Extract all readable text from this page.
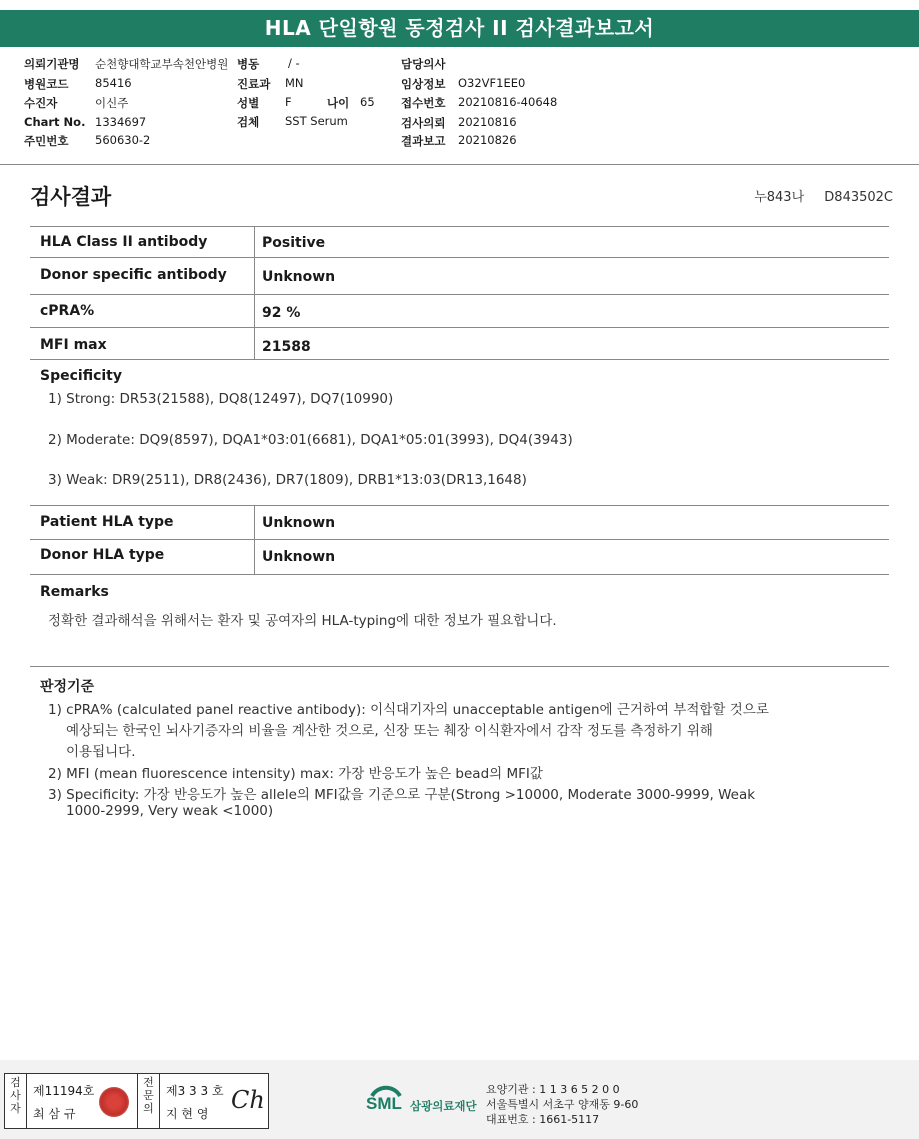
HLA 단일항원 동정검사 II 검사결과보고서
의뢰기관명 순천향대학교부속천안병원
병원코드 85416
수진자	이신주
Chart No. 1334697
주민번호 560630-2
병동	/ -
진료과 MN
성별 F	나이 65
검체 SST Serum
담당의사
임상정보 O32VF1EE0
접수번호 20210816-40648
검사의뢰 20210816
결과보고 20210826
검사결과	누843나 D843502C
HLA Class II antibody	Positive
Donor specific antibody	Unknown
cPRA%	92 %
MFI max	21588
Specificity
1) Strong: DR53(21588), DQ8(12497), DQ7(10990)
2) Moderate: DQ9(8597), DQA1*03:01(6681), DQA1*05:01(3993), DQ4(3943)
3) Weak: DR9(2511), DR8(2436), DR7(1809), DRB1*13:03(DR13,1648)
Patient HLA type	Unknown
Donor HLA type	Unknown
Remarks
정확한 결과해석을 위해서는 환자 및 공여자의 HLA-typing에 대한 정보가 필요합니다.
판정기준
1) cPRA% (calculated panel reactive antibody): 이식대기자의 unacceptable antigen에 근거하여 부적합할 것으로
예상되는 한국인 뇌사기증자의 비율을 계산한 것으로, 신장 또는 췌장 이식환자에서 감작 정도를 측정하기 위해
이용됩니다.
2) MFI (mean fluorescence intensity) max: 가장 반응도가 높은 bead의 MFI값
3) Specificity: 가장 반응도가 높은 allele의 MFI값을 기준으로 구분(Strong >10000, Moderate 3000-9999, Weak
1000-2999, Very weak <1000)
검사자
제11194호
최 삼 규
전문의
제3 3 3 호
지 현 영 Ch	SML 삼광의료재단
요양기관 : 1 1 3 6 5 2 0 0
서울특별시 서초구 양재동 9-60
대표번호 : 1661-5117
